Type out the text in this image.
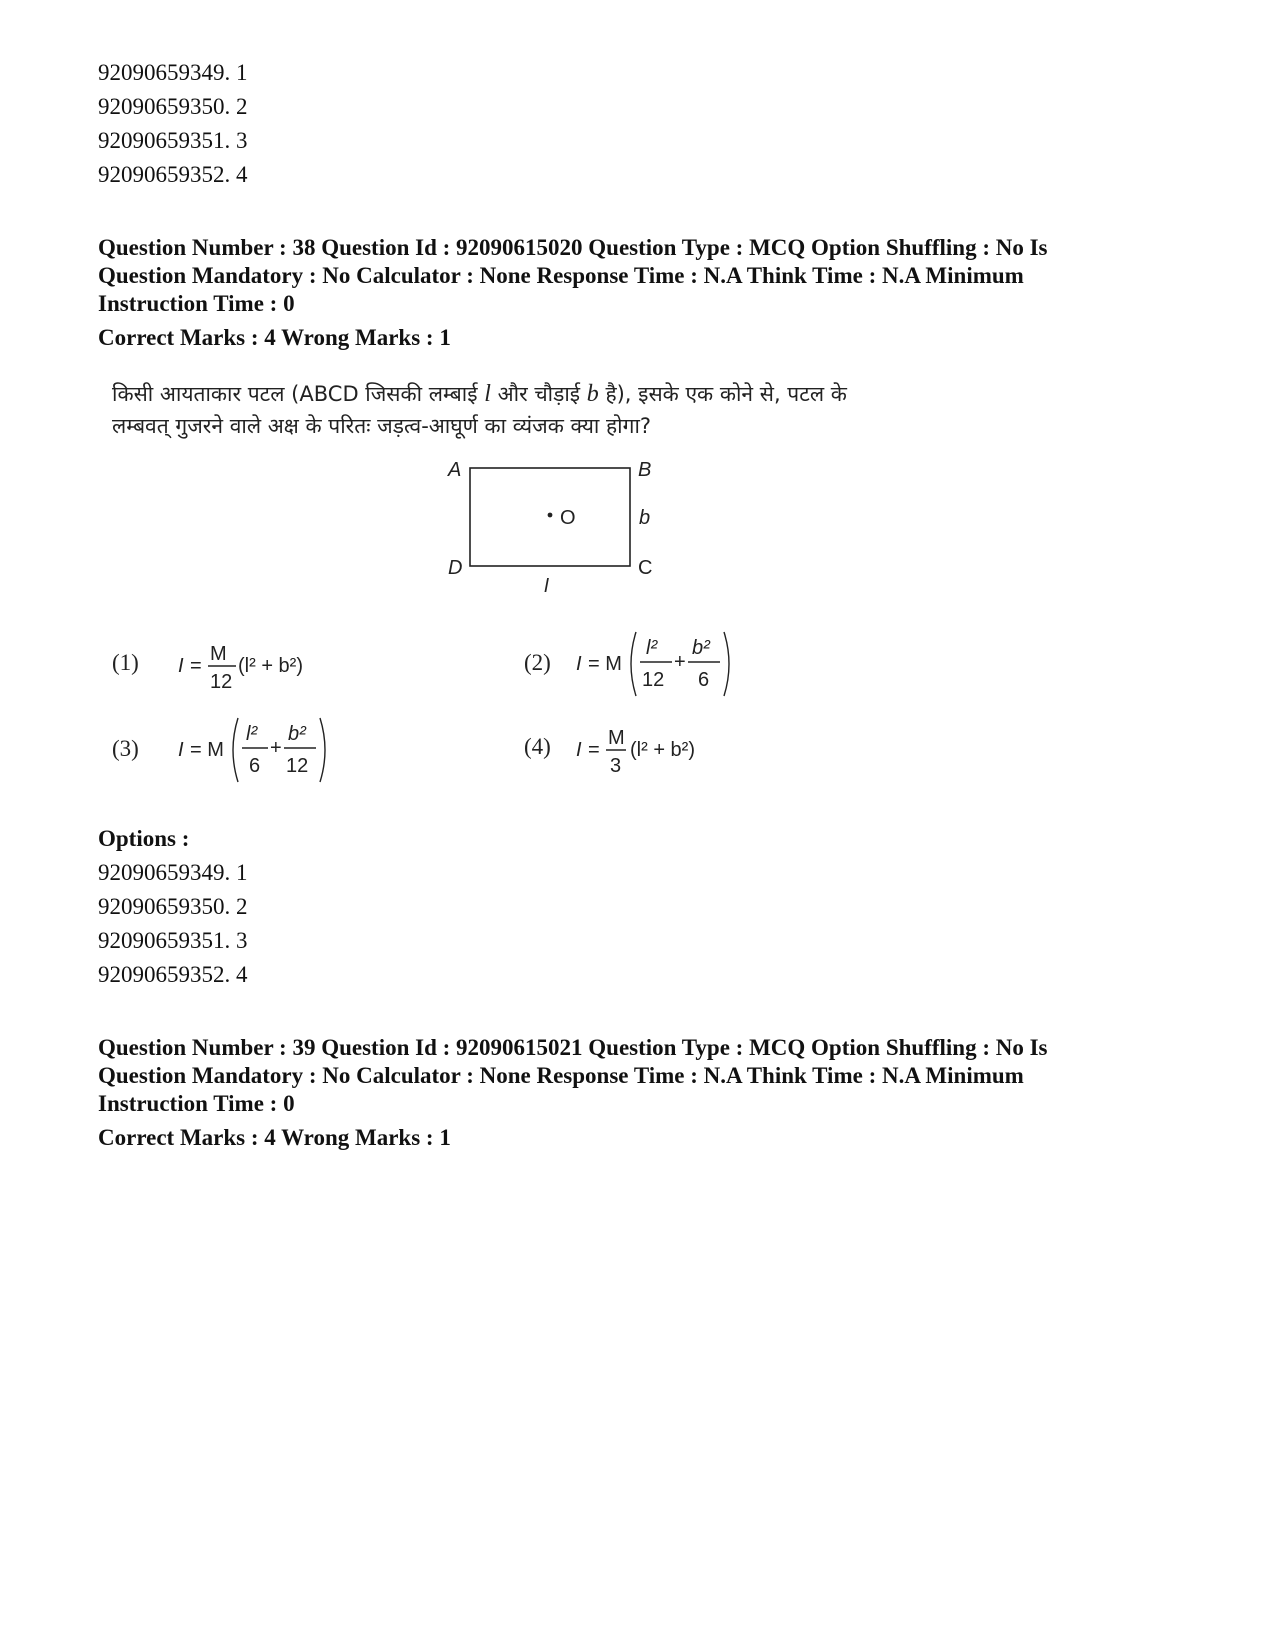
92090659349. 1
92090659350. 2
92090659351. 3
92090659352. 4

Question Number : 38 Question Id : 92090615020 Question Type : MCQ Option Shuffling : No Is

Question Mandatory : No Calculator : None Response Time : N.A Think Time : N.A Minimum

Instruction Time : 0

Correct Marks : 4 Wrong Marks : 1
किसी आयताकार पटल (ABCD जिसकी लम्बाई l और चौड़ाई b है), इसके एक कोने से, पटल के
लम्बवत् गुजरने वाले अक्ष के परितः जड़त्व-आघूर्ण का व्यंजक क्या होगा?
A	B
C
D
O	b
l
(1) I =
M
12
(l² + b²)	(2) I = M
l²
12
+
b²
6
(3) I = M
l²
6
+
b²
12
(4) I =
M
3
(l² + b²)
Options :
92090659349. 1
92090659350. 2
92090659351. 3
92090659352. 4

Question Number : 39 Question Id : 92090615021 Question Type : MCQ Option Shuffling : No Is

Question Mandatory : No Calculator : None Response Time : N.A Think Time : N.A Minimum

Instruction Time : 0

Correct Marks : 4 Wrong Marks : 1
